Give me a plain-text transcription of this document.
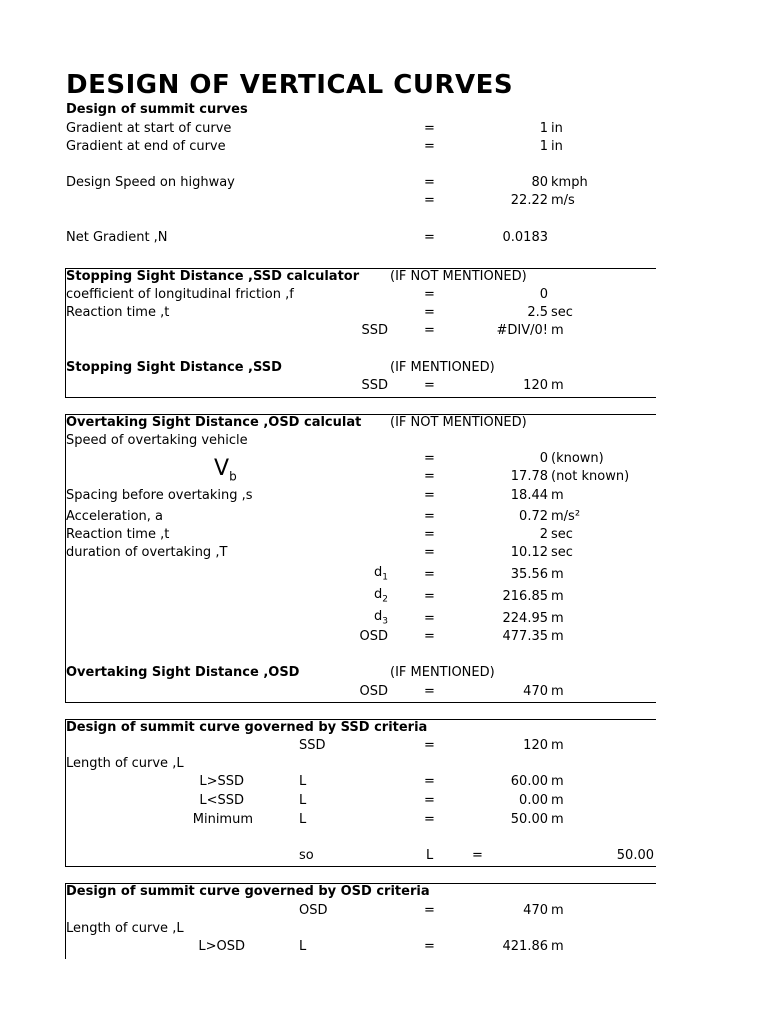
DESIGN OF VERTICAL CURVES
Design of summit curves
Gradient at start of curve	=	1 in
Gradient at end of curve	=	1 in
Design Speed on highway	=	80 kmph
=	22.22 m/s
Net Gradient ,N	=	0.0183
Stopping Sight Distance ,SSD calculator (IF NOT MENTIONED)
coefficient of longitudinal friction ,f	=	0
Reaction time ,t	=	2.5 sec
SSD	=	#DIV/0! m
Stopping Sight Distance ,SSD	(IF MENTIONED)
SSD	=	120 m
Overtaking Sight Distance ,OSD calculat	(IF NOT MENTIONED)
Speed of overtaking vehicle
$V_b$
=	0 (known)
=	17.78 (not known)
Spacing before overtaking ,s	=	18.44 m
Acceleration, a	=	0.72 m/s²
Reaction time ,t	=	2 sec
duration of overtaking ,T	=	10.12 sec
$d_1$	=	35.56 m
$d_2$	=	216.85 m
$d_3$	=	224.95 m
OSD	=	477.35 m
Overtaking Sight Distance ,OSD	(IF MENTIONED)
OSD	=	470 m
Design of summit curve governed by SSD criteria
SSD	=	120 m
Length of curve ,L
L>SSD	L	=	60.00 m
L<SSD	L	=	0.00 m
Minimum	L	=	50.00 m
so	L	=	50.00
Design of summit curve governed by OSD criteria
OSD	=	470 m
Length of curve ,L
L>OSD	L	=	421.86 m
